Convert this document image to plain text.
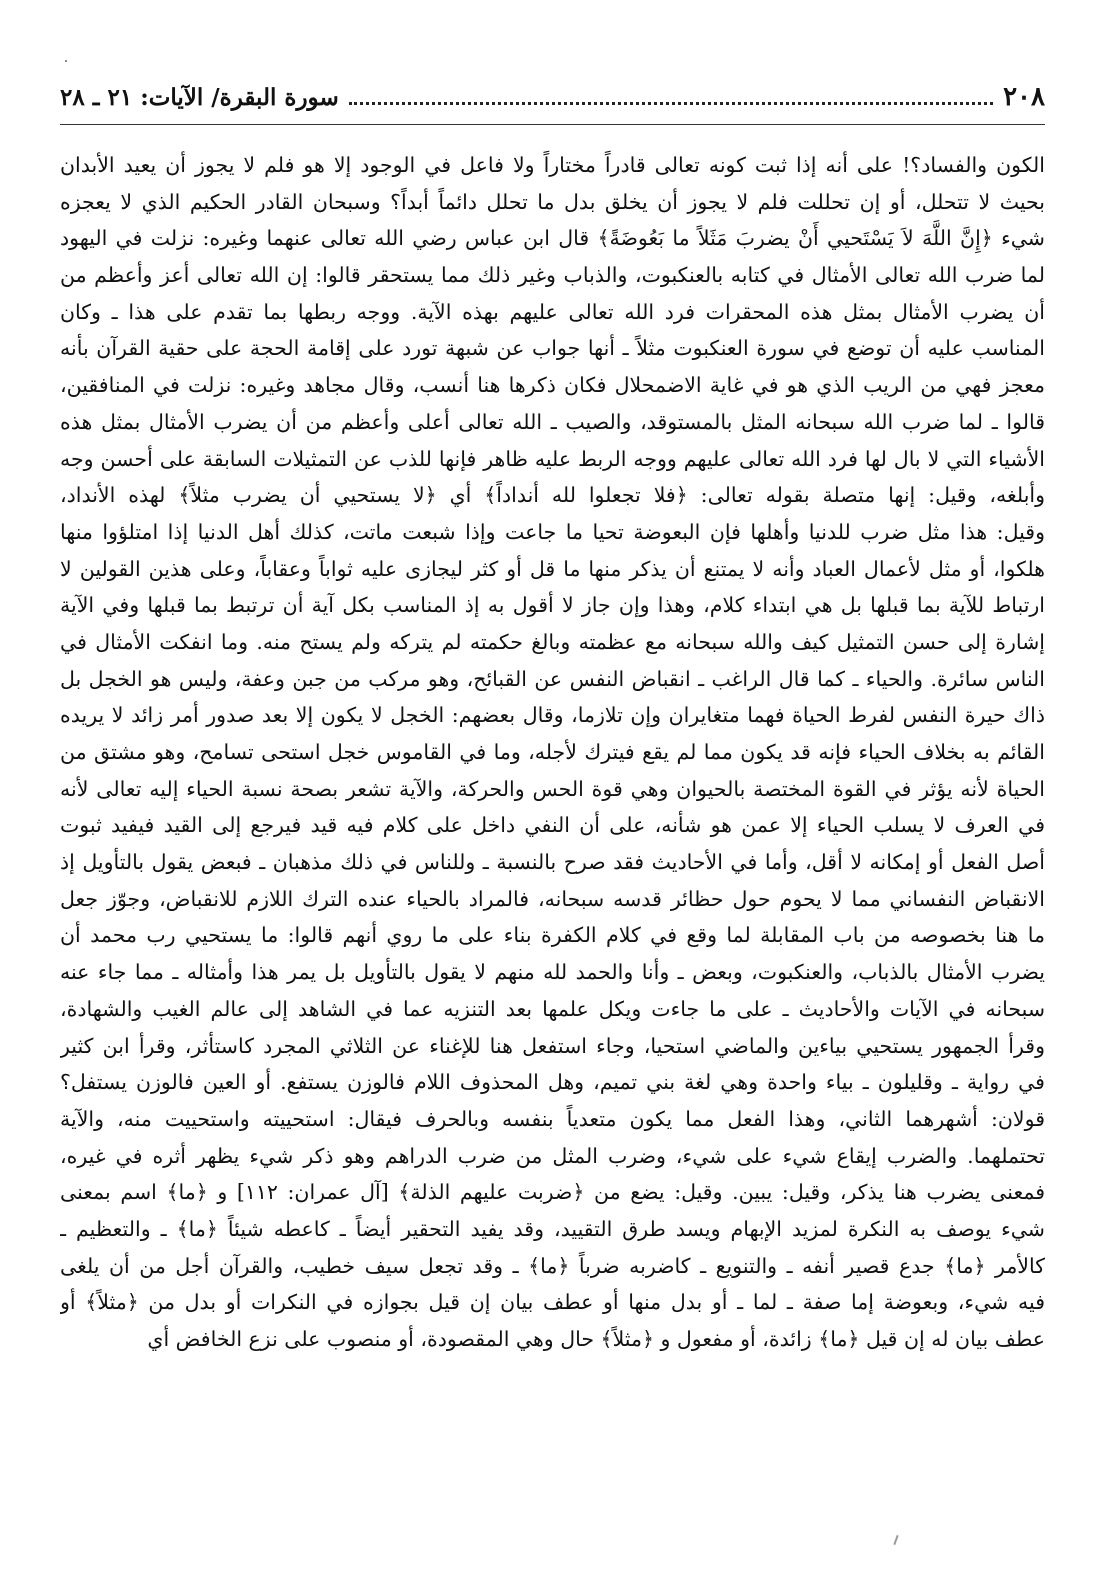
٢٠٨
سورة البقرة/ الآيات: ٢١ ـ ٢٨
الكون والفساد؟! على أنه إذا ثبت كونه تعالى قادراً مختاراً ولا فاعل في الوجود إلا هو فلم لا يجوز أن يعيد الأبدان
بحيث لا تتحلل، أو إن تحللت فلم لا يجوز أن يخلق بدل ما تحلل دائماً أبداً؟ وسبحان القادر الحكيم الذي لا يعجزه
شيء ﴿إِنَّ اللَّهَ لاَ يَسْتَحيي أَنْ يضربَ مَثَلاً ما بَعُوضَةً﴾ قال ابن عباس رضي الله تعالى عنهما وغيره: نزلت في اليهود
لما ضرب الله تعالى الأمثال في كتابه بالعنكبوت، والذباب وغير ذلك مما يستحقر قالوا: إن الله تعالى أعز وأعظم من
أن يضرب الأمثال بمثل هذه المحقرات فرد الله تعالى عليهم بهذه الآية. ووجه ربطها بما تقدم على هذا ـ وكان
المناسب عليه أن توضع في سورة العنكبوت مثلاً ـ أنها جواب عن شبهة تورد على إقامة الحجة على حقية القرآن بأنه
معجز فهي من الريب الذي هو في غاية الاضمحلال فكان ذكرها هنا أنسب، وقال مجاهد وغيره: نزلت في المنافقين،
قالوا ـ لما ضرب الله سبحانه المثل بالمستوقد، والصيب ـ الله تعالى أعلى وأعظم من أن يضرب الأمثال بمثل هذه
الأشياء التي لا بال لها فرد الله تعالى عليهم ووجه الربط عليه ظاهر فإنها للذب عن التمثيلات السابقة على أحسن وجه
وأبلغه، وقيل: إنها متصلة بقوله تعالى: ﴿فلا تجعلوا لله أنداداً﴾ أي ﴿لا يستحيي أن يضرب مثلاً﴾ لهذه الأنداد،
وقيل: هذا مثل ضرب للدنيا وأهلها فإن البعوضة تحيا ما جاعت وإذا شبعت ماتت، كذلك أهل الدنيا إذا امتلؤوا منها
هلكوا، أو مثل لأعمال العباد وأنه لا يمتنع أن يذكر منها ما قل أو كثر ليجازى عليه ثواباً وعقاباً، وعلى هذين القولين لا
ارتباط للآية بما قبلها بل هي ابتداء كلام، وهذا وإن جاز لا أقول به إذ المناسب بكل آية أن ترتبط بما قبلها وفي الآية
إشارة إلى حسن التمثيل كيف والله سبحانه مع عظمته وبالغ حكمته لم يتركه ولم يستح منه. وما انفكت الأمثال في
الناس سائرة. والحياء ـ كما قال الراغب ـ انقباض النفس عن القبائح، وهو مركب من جبن وعفة، وليس هو الخجل بل
ذاك حيرة النفس لفرط الحياة فهما متغايران وإن تلازما، وقال بعضهم: الخجل لا يكون إلا بعد صدور أمر زائد لا يريده
القائم به بخلاف الحياء فإنه قد يكون مما لم يقع فيترك لأجله، وما في القاموس خجل استحى تسامح، وهو مشتق من
الحياة لأنه يؤثر في القوة المختصة بالحيوان وهي قوة الحس والحركة، والآية تشعر بصحة نسبة الحياء إليه تعالى لأنه
في العرف لا يسلب الحياء إلا عمن هو شأنه، على أن النفي داخل على كلام فيه قيد فيرجع إلى القيد فيفيد ثبوت
أصل الفعل أو إمكانه لا أقل، وأما في الأحاديث فقد صرح بالنسبة ـ وللناس في ذلك مذهبان ـ فبعض يقول بالتأويل إذ
الانقباض النفساني مما لا يحوم حول حظائر قدسه سبحانه، فالمراد بالحياء عنده الترك اللازم للانقباض، وجوّز جعل
ما هنا بخصوصه من باب المقابلة لما وقع في كلام الكفرة بناء على ما روي أنهم قالوا: ما يستحيي رب محمد أن
يضرب الأمثال بالذباب، والعنكبوت، وبعض ـ وأنا والحمد لله منهم لا يقول بالتأويل بل يمر هذا وأمثاله ـ مما جاء عنه
سبحانه في الآيات والأحاديث ـ على ما جاءت ويكل علمها بعد التنزيه عما في الشاهد إلى عالم الغيب والشهادة،
وقرأ الجمهور يستحيي بياءين والماضي استحيا، وجاء استفعل هنا للإغناء عن الثلاثي المجرد كاستأثر، وقرأ ابن كثير
في رواية ـ وقليلون ـ بياء واحدة وهي لغة بني تميم، وهل المحذوف اللام فالوزن يستفع. أو العين فالوزن يستفل؟
قولان: أشهرهما الثاني، وهذا الفعل مما يكون متعدياً بنفسه وبالحرف فيقال: استحييته واستحييت منه، والآية
تحتملهما. والضرب إيقاع شيء على شيء، وضرب المثل من ضرب الدراهم وهو ذكر شيء يظهر أثره في غيره،
فمعنى يضرب هنا يذكر، وقيل: يبين. وقيل: يضع من ﴿ضربت عليهم الذلة﴾ [آل عمران: ١١٢] و ﴿ما﴾ اسم بمعنى
شيء يوصف به النكرة لمزيد الإبهام ويسد طرق التقييد، وقد يفيد التحقير أيضاً ـ كاعطه شيئاً ﴿ما﴾ ـ والتعظيم ـ
كالأمر ﴿ما﴾ جدع قصير أنفه ـ والتنويع ـ كاضربه ضرباً ﴿ما﴾ ـ وقد تجعل سيف خطيب، والقرآن أجل من أن يلغى
فيه شيء، وبعوضة إما صفة ـ لما ـ أو بدل منها أو عطف بيان إن قيل بجوازه في النكرات أو بدل من ﴿مثلاً﴾ أو
عطف بيان له إن قيل ﴿ما﴾ زائدة، أو مفعول و ﴿مثلاً﴾ حال وهي المقصودة، أو منصوب على نزع الخافض أي
